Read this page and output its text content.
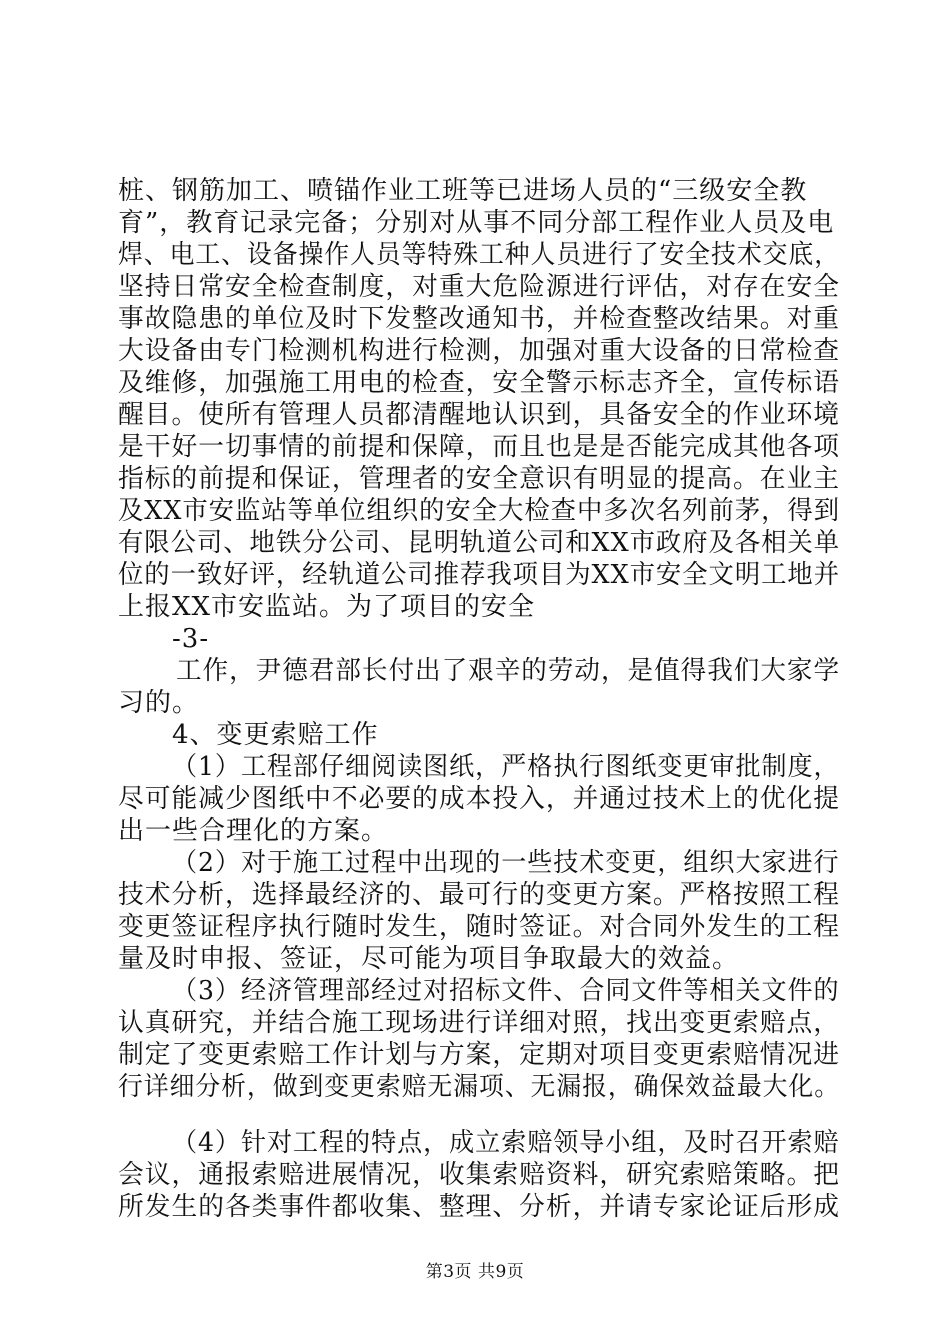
桩、钢筋加工、喷锚作业工班等已进场人员的“三级安全教
育”，教育记录完备；分别对从事不同分部工程作业人员及电
焊、电工、设备操作人员等特殊工种人员进行了安全技术交底，
坚持日常安全检查制度，对重大危险源进行评估，对存在安全
事故隐患的单位及时下发整改通知书，并检查整改结果。对重
大设备由专门检测机构进行检测，加强对重大设备的日常检查
及维修，加强施工用电的检查，安全警示标志齐全，宣传标语
醒目。使所有管理人员都清醒地认识到，具备安全的作业环境
是干好一切事情的前提和保障，而且也是是否能完成其他各项
指标的前提和保证，管理者的安全意识有明显的提高。在业主
及XX市安监站等单位组织的安全大检查中多次名列前茅，得到
有限公司、地铁分公司、昆明轨道公司和XX市政府及各相关单
位的一致好评，经轨道公司推荐我项目为XX市安全文明工地并
上报XX市安监站。为了项目的安全
-3-
工作，尹德君部长付出了艰辛的劳动，是值得我们大家学
习的。
4、变更索赔工作
（1）工程部仔细阅读图纸，严格执行图纸变更审批制度，
尽可能减少图纸中不必要的成本投入，并通过技术上的优化提
出一些合理化的方案。
（2）对于施工过程中出现的一些技术变更，组织大家进行
技术分析，选择最经济的、最可行的变更方案。严格按照工程
变更签证程序执行随时发生，随时签证。对合同外发生的工程
量及时申报、签证，尽可能为项目争取最大的效益。
（3）经济管理部经过对招标文件、合同文件等相关文件的
认真研究，并结合施工现场进行详细对照，找出变更索赔点，
制定了变更索赔工作计划与方案，定期对项目变更索赔情况进
行详细分析，做到变更索赔无漏项、无漏报，确保效益最大化。
（4）针对工程的特点，成立索赔领导小组，及时召开索赔
会议，通报索赔进展情况，收集索赔资料，研究索赔策略。把
所发生的各类事件都收集、整理、分析，并请专家论证后形成
第3页 共9页
